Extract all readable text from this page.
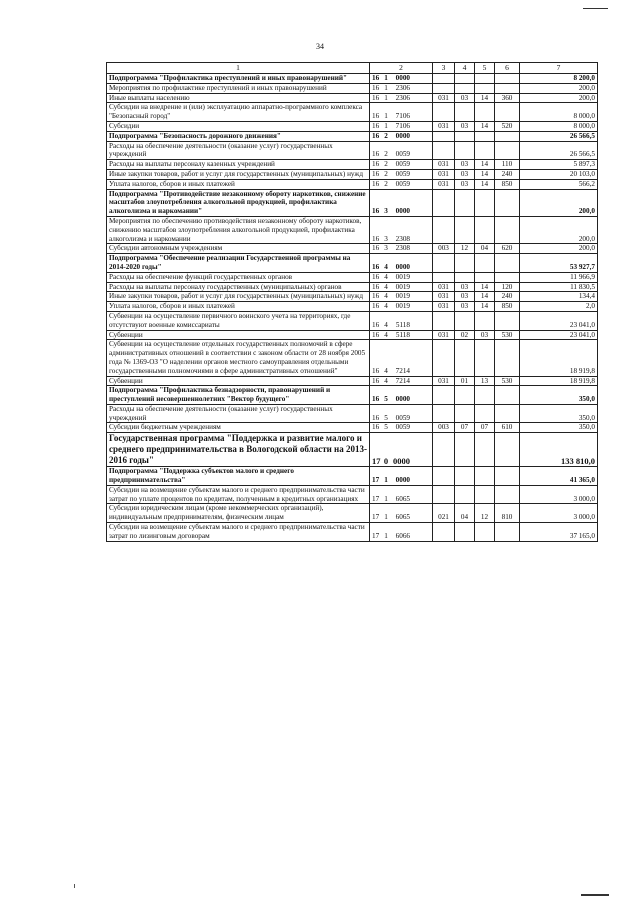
34
1	2	3	4	5	6	7
Подпрограмма "Профилактика преступлений и иных правонарушений"	16 1 0000					8 200,0
Мероприятия по профилактике преступлений и иных правонарушений	16 1 2306					200,0
Иные выплаты населению	16 1 2306	031	03	14	360	200,0
Субсидии на внедрение и (или) эксплуатацию аппаратно-программного комплекса "Безопасный город"	16 1 7106					8 000,0
Субсидии	16 1 7106	031	03	14	520	8 000,0
Подпрограмма "Безопасность дорожного движения"	16 2 0000					26 566,5
Расходы на обеспечение деятельности (оказание услуг) государственных учреждений	16 2 0059					26 566,5
Расходы на выплаты персоналу казенных учреждений	16 2 0059	031	03	14	110	5 897,3
Иные закупки товаров, работ и услуг для государственных (муниципальных) нужд	16 2 0059	031	03	14	240	20 103,0
Уплата налогов, сборов и иных платежей	16 2 0059	031	03	14	850	566,2
Подпрограмма "Противодействие незаконному обороту наркотиков, снижение масштабов злоупотребления алкогольной продукцией, профилактика алкоголизма и наркомании"	16 3 0000					200,0
Мероприятия по обеспечению противодействия незаконному обороту наркотиков, снижению масштабов злоупотребления алкогольной продукцией, профилактика алкоголизма и наркомании	16 3 2308					200,0
Субсидии автономным учреждениям	16 3 2308	003	12	04	620	200,0
Подпрограмма "Обеспечение реализации Государственной программы на 2014-2020 годы"	16 4 0000					53 927,7
Расходы на обеспечение функций государственных органов	16 4 0019					11 966,9
Расходы на выплаты персоналу государственных (муниципальных) органов	16 4 0019	031	03	14	120	11 830,5
Иные закупки товаров, работ и услуг для государственных (муниципальных) нужд	16 4 0019	031	03	14	240	134,4
Уплата налогов, сборов и иных платежей	16 4 0019	031	03	14	850	2,0
Субвенции на осуществление первичного воинского учета на территориях, где отсутствуют военные комиссариаты	16 4 5118					23 041,0
Субвенции	16 4 5118	031	02	03	530	23 041,0
Субвенции на осуществление отдельных государственных полномочий в сфере административных отношений в соответствии с законом области от 28 ноября 2005 года № 1369-ОЗ "О наделении органов местного самоуправления отдельными государственными полномочиями в сфере административных отношений"	16 4 7214					18 919,8
Субвенции	16 4 7214	031	01	13	530	18 919,8
Подпрограмма "Профилактика безнадзорности, правонарушений и преступлений несовершеннолетних "Вектор будущего"	16 5 0000					350,0
Расходы на обеспечение деятельности (оказание услуг) государственных учреждений	16 5 0059					350,0
Субсидии бюджетным учреждениям	16 5 0059	003	07	07	610	350,0
Государственная программа "Поддержка и развитие малого и среднего предпринимательства в Вологодской области на 2013-2016 годы"	17 0 0000					133 810,0
Подпрограмма "Поддержка субъектов малого и среднего предпринимательства"	17 1 0000					41 365,0
Субсидии на возмещение субъектам малого и среднего предпринимательства части затрат по уплате процентов по кредитам, полученным в кредитных организациях	17 1 6065					3 000,0
Субсидии юридическим лицам (кроме некоммерческих организаций), индивидуальным предпринимателям, физическим лицам	17 1 6065	021	04	12	810	3 000,0
Субсидии на возмещение субъектам малого и среднего предпринимательства части затрат по лизинговым договорам	17 1 6066					37 165,0
